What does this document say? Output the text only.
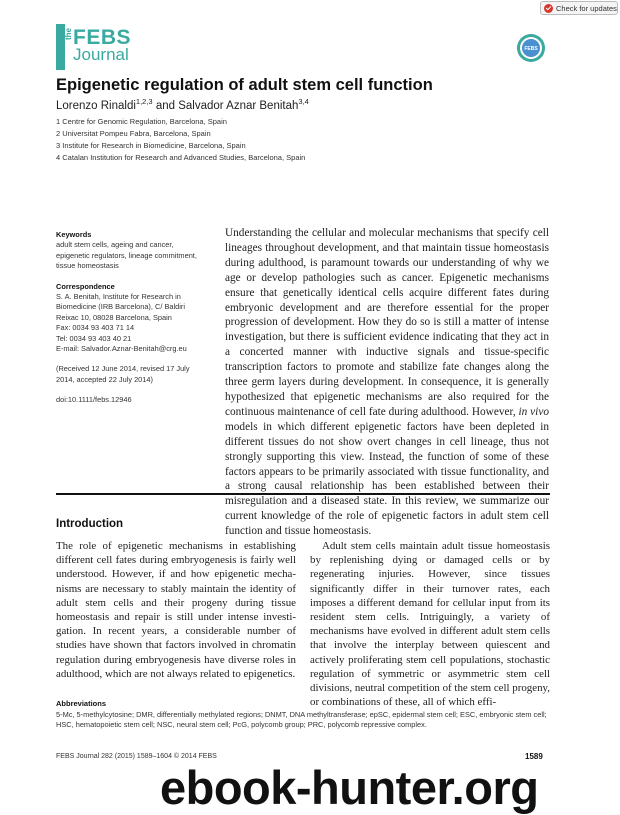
Check for updates
the FEBS
Journal	FEBS
Epigenetic regulation of adult stem cell function
Lorenzo Rinaldi$^{1,2,3}$ and Salvador Aznar Benitah$^{3,4}$
1 Centre for Genomic Regulation, Barcelona, Spain
2 Universitat Pompeu Fabra, Barcelona, Spain
3 Institute for Research in Biomedicine, Barcelona, Spain
4 Catalan Institution for Research and Advanced Studies, Barcelona, Spain

Keywords

adult stem cells, ageing and cancer,

epigenetic regulators, lineage commitment,

tissue homeostasis

Correspondence

S. A. Benitah, Institute for Research in

Biomedicine (IRB Barcelona), C/ Baldiri

Reixac 10, 08028 Barcelona, Spain

Fax: 0034 93 403 71 14

Tel: 0034 93 403 40 21

E-mail: Salvador.Aznar-Benitah@crg.eu

(Received 12 June 2014, revised 17 July

2014, accepted 22 July 2014)

doi:10.1111/febs.12946

Understanding the cellular and molecular mechanisms that specify cell lineages throughout development, and that maintain tissue homeostasis during adulthood, is paramount towards our understanding of why we age or develop pathologies such as cancer. Epigenetic mechanisms ensure that genetically identical cells acquire different fates during embryonic development and are therefore essential for the proper progression of development. How they do so is still a matter of intense investigation, but there is sufficient evidence indicating that they act in a concerted manner with inductive signals and tissue-specific transcription factors to promote and stabilize fate changes along the three germ layers during development. In consequence, it is generally hypothesized that epigenetic mechanisms are also required for the continuous maintenance of cell fate during adulthood. However, in vivo models in which different epigenetic factors have been depleted in different tissues do not show overt changes in cell lineage, thus not strongly supporting this view. Instead, the function of some of these factors appears to be primarily associated with tissue functionality, and a strong causal relationship has been established between their misregulation and a diseased state. In this review, we summarize our current knowledge of the role of epigenetic factors in adult stem cell function and tissue homeostasis.

Introduction

The role of epigenetic mechanisms in establishing different cell fates during embryogenesis is fairly well understood. However, if and how epigenetic mechanisms are necessary to stably maintain the identity of adult stem cells and their progeny during tissue homeostasis and repair is still under intense investigation. In recent years, a considerable number of studies have shown that factors involved in chromatin regulation during embryogenesis have diverse roles in adulthood, which are not always related to epigenetics.

Adult stem cells maintain adult tissue homeostasis by replenishing dying or damaged cells or by regenerating injuries. However, since tissues significantly differ in their turnover rates, each imposes a different demand for cellular input from its resident stem cells. Intriguingly, a variety of mechanisms have evolved in different adult stem cells that involve the interplay between quiescent and actively proliferating stem cell populations, stochastic regulation of symmetric or asymmetric stem cell divisions, neutral competition of the stem cell progeny, or combinations of these, all of which effi-

Abbreviations

5-Mc, 5-methylcytosine; DMR, differentially methylated regions; DNMT, DNA methyltransferase; epSC, epidermal stem cell; ESC, embryonic stem cell; HSC, hematopoietic stem cell; NSC, neural stem cell; PcG, polycomb group; PRC, polycomb repressive complex.

FEBS Journal 282 (2015) 1589–1604 © 2014 FEBS	1589
ebook-hunter.org
